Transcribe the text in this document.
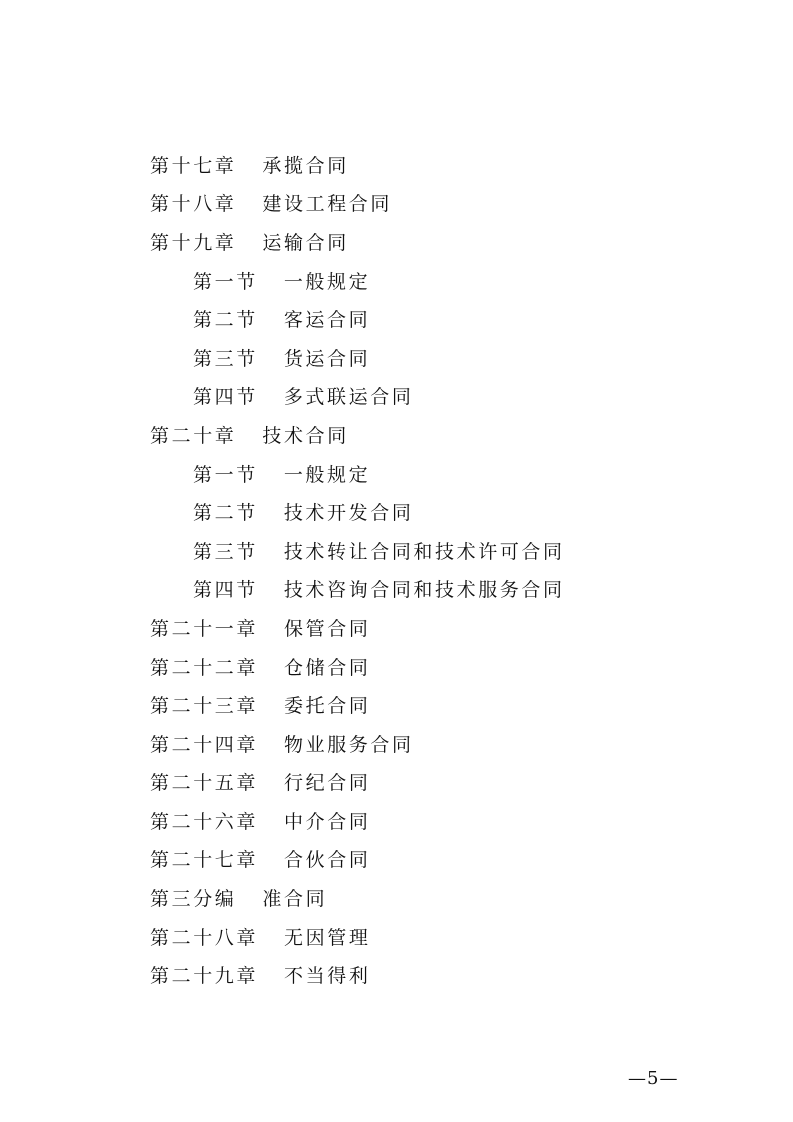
第十七章 承揽合同
第十八章 建设工程合同
第十九章 运输合同
第一节 一般规定
第二节 客运合同
第三节 货运合同
第四节 多式联运合同
第二十章 技术合同
第一节 一般规定
第二节 技术开发合同
第三节 技术转让合同和技术许可合同
第四节 技术咨询合同和技术服务合同
第二十一章 保管合同
第二十二章 仓储合同
第二十三章 委托合同
第二十四章 物业服务合同
第二十五章 行纪合同
第二十六章 中介合同
第二十七章 合伙合同
第三分编 准合同
第二十八章 无因管理
第二十九章 不当得利
—5—
